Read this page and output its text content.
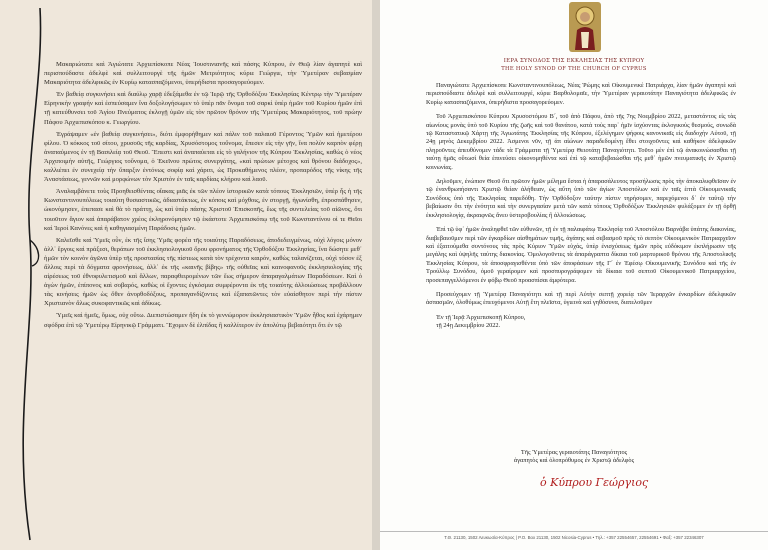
Μακαριώτατε καὶ Ἁγιώτατε Ἀρχιεπίσκοπε Νέας Ἰουστινιανῆς καὶ πάσης Κύπρου, ἐν Θεῷ λίαν ἀγαπητὲ καὶ περισπούδαστε ἀδελφὲ καὶ συλλειτουργὲ τῆς ἡμῶν Μετριότητος κύριε Γεώργιε, τὴν Ὑμετέραν σεβασμίαν Μακαριότητα ἀδελφικῶς ἐν Κυρίῳ κατασπαζόμενοι, ὑπερήδιστα προσαγορεύομεν.

Ἐν βαθείᾳ συγκινήσει καὶ διαύλῳ χαρᾷ ἐδεξάμεθα ἐν τῷ Ἱερῷ τῆς Ὀρθοδόξου Ἐκκλησίας Κέντρῳ τὴν Ὑμετέραν Εἰρηνικὴν γραφήν καὶ ἐσπεύσαμεν ἵνα δοξολογήσωμεν τὸ ὑπὲρ πᾶν ὄνομα τοῦ σαρκὶ ὑπὲρ ἡμῶν τοῦ Κυρίου ἡμῶν ἐπὶ τῇ κατεύθυνσει τοῦ Ἁγίου Πνεύματος ἐκλογῇ ὑμῶν εἰς τὸν πρῶτον θρόνον τῆς Ὑμετέρας Μακαριότητος, τοῦ πρώην Πάφου Ἀρχιεπισκόπου κ. Γεωργίου.

Ἐγράψαμεν «ἐν βαθείᾳ συγκινήσει», διότι ἐμφορήθημεν καὶ πάλιν τοῦ παλαιοῦ Γέροντος Ὑμῶν καὶ ἡμετέρου φίλου. Ὁ κόκκος τοῦ σίτου, χρυσοῦς τῆς καρδίας, Χρυσόστομος τοὔνομα, ἔπεσεν εἰς τὴν γῆν, ἵνα πολὺν καρπὸν φέρῃ ἀναπαύμενος ἐν τῇ Βασιλείᾳ τοῦ Θεοῦ. Ἔπεστι καὶ ἀναπαύεται εἰς τὸ γαλήνιον τῆς Κύπρου Ἐκκλησίας, καθὼς ὁ νέος Ἀρχιποιμὴν αὐτῆς, Γεώργιος τοὔνομα, ὁ Ἐκεῖνου πρώτος συνεργάτης, «καὶ πρώτων μέτοχος καὶ θρόνου διάδοχος», καλλιέπει ἐν συνεχείᾳ τὴν ὕπαρξιν ἐντόνως σοφίᾳ καὶ χάριτι, ὡς Προκαθήμενος πλέον, προπαρόδος τῆς νίκης τῆς Ἀναστάσεως, γεννῶν καὶ μορφώνων τὸν Χριστὸν ἐν ταῖς καρδίαις κλήρου καὶ λαοῦ.

Ἀναλαμβάνετε τοὺς Προηθεισθέντας οἴακας μιᾶς ἐκ τῶν πλέον ἱστορικῶν κατὰ τόπους Ἐκκλησιῶν, ὑπὲρ ἧς ἡ τῆς Κωνσταντινουπόλεως τοιαύτη θυσιαστικῶς, ἀδιαστάκτως, ἐν κόποις καὶ μόχθοις, ἐν στοργῇ, ἠγωνίσθη, ἐπροσπάθησεν, ὡκονόμησεν, ἐπεπασε καὶ θὰ τὸ πράττῃ, ὡς καὶ ὑπὲρ πάσης Χριστοῦ Ἐπισκοπῆς, ἕως τῆς συντελείας τοῦ αἰῶνος, ὅτι τοιοῦτον ἅγιον καὶ ἀπαράβατον χρέος ἐκληρονόμησεν τῷ ἑκάστοτε Ἀρχιεπισκόπῳ τῆς τοῦ Κωνσταντίνου οἱ τε Θεῖοι καὶ Ἱεροὶ Κανόνες καὶ ἡ καθηγιασμένη Παράδοσις ἡμῶν.

Καλεῖσθε καὶ Ὑμεῖς οὖν, ἐκ τῆς ἴσης Ὑμᾶς φορέα τῆς τοιαύτης Παραδόσεως, ἀποδεδειγμένως, οὐχὶ λόγοις μόνον ἀλλ᾽ ἔργοις καὶ πράξεσι, θεράπων τοῦ ἐκκλησιολογικοῦ ὅρου φρονήματος τῆς Ὀρθοδόξου Ἐκκλησίας, ἵνα δώσητε μεθ᾽ ἡμῶν τὸν κοινὸν ἀγῶνα ὑπὲρ τῆς προστασίας τῆς πίστεως κατὰ τὸν τρέχοντα καιρόν, καθὼς ταλανίζεται, οὐχὶ τόσον ἐξ ἄλλοις περὶ τὰ δόγματα φρονήσεως, ἀλλ᾽ ἐκ τῆς «καινῆς βίβης» τῆς οὐθεῖας καὶ καινοφανοῦς ἐκκλησιολογίας τῆς αἱρέσεως τοῦ ἐθνοφυλετισμοῦ καὶ ἄλλων, παραφθειρομένων τῶν ἕως σήμερον ἀπαραγαλμάτων Παραδόσεων. Καὶ ὁ ἀγὼν ἡμῶν, ἐπίπονος καὶ σοβαρός, καθὼς οἱ ἔχοντες ἐγκόσμια συμφέροντα ἐκ τῆς τοιαύτης ἀλλοιώσεως προβάλλουν τὰς κινήσεις ἡμῶν ὡς ὅθεν ἀνορθοδόξους, προπαγανδίζοντες καὶ ἐξαπατῶντες τὸν εὐαίσθητον περὶ τὴν πίστιν Χριστιανὸν ἄλως συκοφαντικῶς καὶ ἀδίκως.

Ὑμεῖς καὶ ἡμεῖς, ὅμως, οὐχ οὕτω. Διεπιστώσαμεν ἤδη ἐκ τὸ γεννώμορον ἐκκλησιαστικὸν Ὑμῶν ἦθος καὶ ἐχάρημεν σφόδρα ἐπὶ τῷ Ὑμετέρῳ Εἰρηνικῷ Γράμματι. Ἔχομεν δὲ ἐλπίδας ἢ καλλίτερον ἐν ἀπολύτῳ βεβαιότητι ὅτι ἐν τῷ

ΙΕΡΑ ΣΥΝΟΔΟΣ ΤΗΣ ΕΚΚΛΗΣΙΑΣ ΤΗΣ ΚΥΠΡΟΥ
THE HOLY SYNOD OF THE CHURCH OF CYPRUS

Παναγιώτατε Ἀρχιεπίσκοπε Κωνσταντινουπόλεως, Νέας Ῥώμης καὶ Οἰκουμενικὲ Πατριάρχα, λίαν ἡμῶν ἀγαπητὲ καὶ περισπούδαστε ἀδελφὲ καὶ συλλειτουργέ, κύριε Βαρθολομαῖε, τὴν Ὑμετέραν γεραιοτάτην Παναγιότητα ἀδελφικῶς ἐν Κυρίῳ κατασπαζόμενοι, ὑπερήδιστα προσαγορεύομεν.

Τοῦ Ἀρχιεπισκόπου Κύπρου Χρυσοστόμου Β´, τοῦ ἀπὸ Πάφου, ἀπὸ τῆς 7ης Νοεμβρίου 2022, μεταστάντος εἰς τὰς αἰωνίους μονὰς ὑπὸ τοῦ Κυρίου τῆς ζωῆς καὶ τοῦ θανάτου, κατὰ τοὺς παρ᾽ ἡμῖν ἰσχύοντας ἐκλογικοὺς θεσμούς, συνωδὰ τῷ Καταστατικῷ Χάρτῃ τῆς Ἁγιωτάτης Ἐκκλησίας τῆς Κύπρου, ἐξελέγημεν ψήφοις κανονικαῖς εἰς διαδοχὴν Αὐτοῦ, τῇ 24ῃ μηνὸς Δεκεμβρίου 2022. Ἀσμενοι νῦν, τῇ ἀπ αἰώνων παραδεδομένῃ ἔθει στοιχοῦντες καὶ καθήκον ἀδελφικῶν πληροῦντες ἀπευθύνομεν τάδε τὰ Γράμματα τῇ Ὑμετέρᾳ Θειοτάτῃ Παναγιότητι. Τοῦτο μὲν ἐπὶ τῷ ἀνακοινώσασθαι τῇ ταύτῃ ἡμᾶς οὕτωσί θεία ἐπινεύσει οἰκονομηθέντα καὶ ἐπὶ τῷ καταβεβαιώσθαι τῆς μεθ᾽ ἡμῶν πνευματικῆς ἐν Χριστῷ κοινωνίας.

Δηλοῦμεν, ἐνώπιον Θεοῦ ὅτι πρῶτον ἡμῶν μέλημα ἔσται ἡ ἀπαρασάλευτος προσήλωσις πρὸς τὴν ἀποκαλυφθεῖσαν ἐν τῷ ἐνανθρωπήσαντι Χριστῷ θείαν ἀλήθειαν, ὡς αὕτη ὑπὸ τῶν ἁγίων Ἀποστόλων καὶ ἐν ταῖς ἑπτὰ Οἰκουμενικαῖς Συνόδους ὑπὸ τῆς Ἐκκλησίας παρεδόθη. Τὴν Ὀρθόδοξον ταύτην πίστιν τηρήσομεν, παρεχόμενοι δ᾽ ἐν ταὐτῷ τὴν βεβαίωσιν ὅτι τὴν ἑνότητα καὶ τὴν συνεργασίαν μετὰ τῶν κατὰ τόπους Ὀρθοδόξων Ἐκκλησιῶν φυλάξομεν ἐν τῇ ὀρθῇ ἐκκλησιολογίᾳ, ἀκραιφνῶς ἄνευ ὑστεροβουλίας ἢ ἀλλοιώσεως.

Ἐπὶ τῷ ὑφ᾽ ἡμῶν ἀναληφθεῖ τῶν εὐθυνῶν, τῇ ἐν τῇ παλαιφάτῳ Ἐκκλησίᾳ τοῦ Ἀποστόλου Βαρνάβα ὑπάτης διακονίας, διαβεβαιοῦμεν περὶ τῶν ἐγκαρδίων αἰσθημάτων τιμῆς, ἀγάπης καὶ σεβασμοῦ πρὸς τὸ σεπτὸν Οἰκουμενικὸν Πατριαρχεῖον καὶ ἐξαιτούμεθα συντόνους τὰς πρὸς Κύριον Ὑμῶν εὐχάς, ὑπὲρ ἐνισχύσεως ἡμῶν πρὸς εὐδόκιμον ἐκπλήρωσιν τῆς μεγάλης καὶ ὑψηλῆς ταύτης διακονίας. Ὁμολογοῦντες τὰ ἀπαράγραπτα δίκαια τοῦ μαρτυρικοῦ θρόνου τῆς Ἀποστολικῆς Ἐκκλησίας Κύπρου, τὰ ἀποσφραγισθέντα ὑπὸ τῶν ἀποφάσεων τῆς Γ´ ἐν Ἐφέσῳ Οἰκουμενικῆς Συνόδου καὶ τῆς ἐν Τρούλλῳ Συνόδου, ὁμοῦ γεραίρομεν καὶ προσπυρογράφομεν τὰ δίκαια τοῦ σεπτοῦ Οἰκουμενικοῦ Πατριαρχείου, προσεπαγγελλόμενοι ἐν φόβῳ Θεοῦ προασπίσαι ἀμφότερα.

Προσεύχομεν τῇ Ὑμετέρᾳ Παναγιότητι καὶ τῇ περὶ Αὐτὴν σεπτῇ χορείᾳ τῶν Ἱεραρχῶν ἐνκαρδίων ἀδελφικῶν ἀσπασμῶν, ὁλοθύμως ἐπευχόμενοι Αὐτῇ ἔτη πλεῖστα, ὑγιεινὰ καὶ γηθόσυνα, διατελοῦμεν

Ἐν τῇ Ἱερᾷ Ἀρχιεπισκοπῇ Κύπρου,

τῇ 24ῃ Δεκεμβρίου 2022.

Τῆς Ὑμετέρας γεραιοτάτης Παναγιότητος
ἀγαπητὸς καὶ ὁλοπρόθυμος ἐν Χριστῷ ἀδελφὸς
ὁ Κύπρου Γεώργιος
Τ.Θ. 21130, 1502 Λευκωσία-Κύπρος | P.O. Box 21130, 1502 Nicosia-Cyprus • Τηλ.: +357 22554657, 22554691 • Φαξ: +357 22346307
